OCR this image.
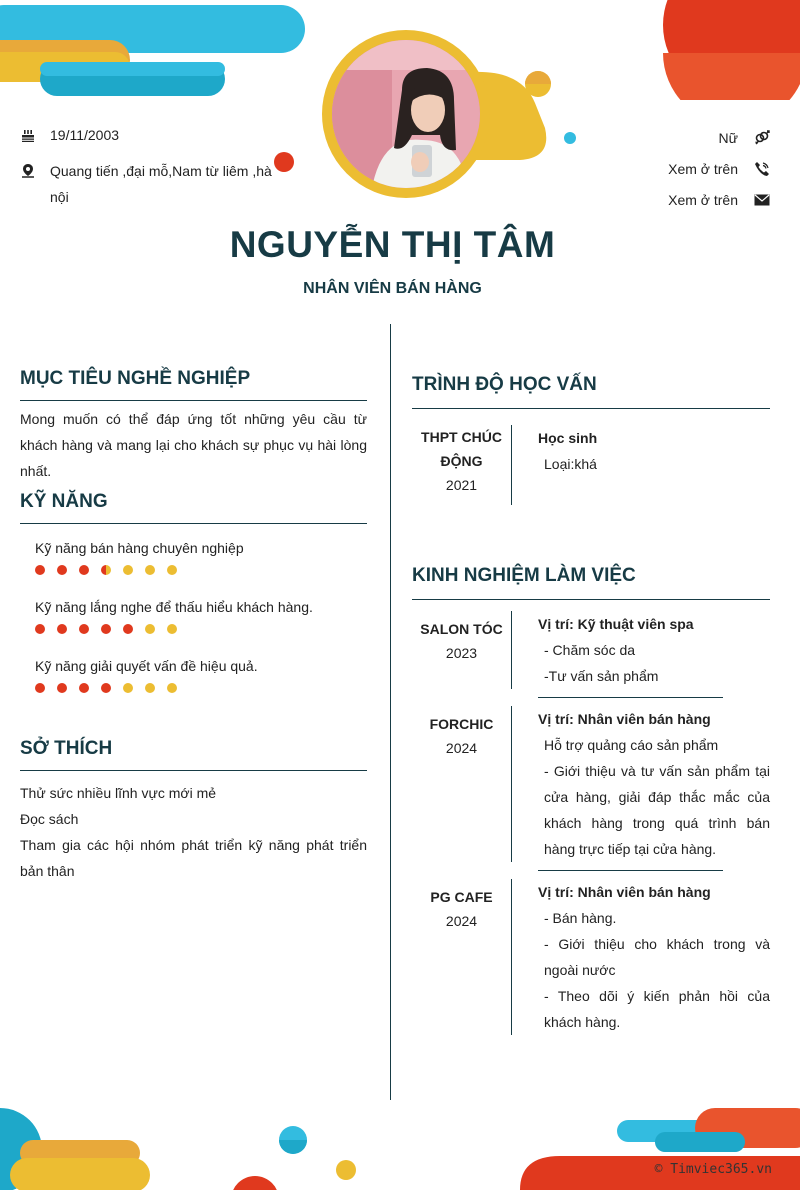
19/11/2003
Quang tiến ,đại mỗ,Nam từ liêm ,hà nội
Nữ
Xem ở trên
Xem ở trên
NGUYỄN THỊ TÂM
NHÂN VIÊN BÁN HÀNG
MỤC TIÊU NGHỀ NGHIỆP
Mong muốn có thể đáp ứng tốt những yêu cầu từ khách hàng và mang lại cho khách sự phục vụ hài lòng nhất.
KỸ NĂNG
Kỹ năng bán hàng chuyên nghiệp
Kỹ năng lắng nghe để thấu hiểu khách hàng.
Kỹ năng giải quyết vấn đề hiệu quả.
SỞ THÍCH
Thử sức nhiều lĩnh vực mới mẻ
Đọc sách
Tham gia các hội nhóm phát triển kỹ năng phát triển bản thân
TRÌNH ĐỘ HỌC VẤN
THPT CHÚC ĐỘNG
2021
Học sinh
Loại:khá
KINH NGHIỆM LÀM VIỆC
SALON TÓC
2023
Vị trí: Kỹ thuật viên spa
- Chăm sóc da
-Tư vấn sản phẩm
FORCHIC
2024
Vị trí: Nhân viên bán hàng
Hỗ trợ quảng cáo sản phẩm
- Giới thiệu và tư vấn sản phẩm tại cửa hàng, giải đáp thắc mắc của khách hàng trong quá trình bán hàng trực tiếp tại cửa hàng.
PG CAFE
2024
Vị trí: Nhân viên bán hàng
- Bán hàng.
- Giới thiệu cho khách trong và ngoài nước
- Theo dõi ý kiến phản hồi của khách hàng.
© Timviec365.vn
